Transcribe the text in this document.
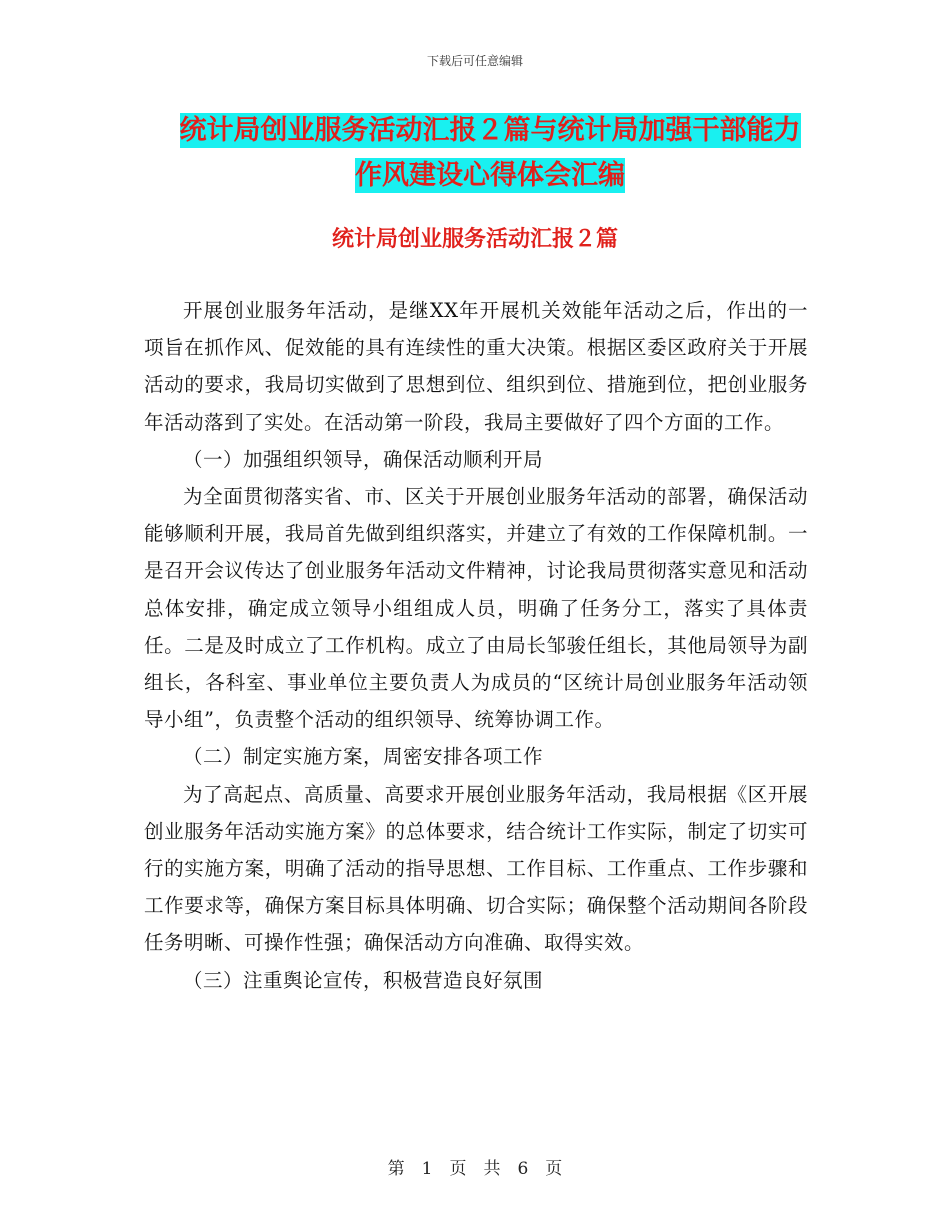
下载后可任意编辑
统计局创业服务活动汇报２篇与统计局加强干部能力
作风建设心得体会汇编
统计局创业服务活动汇报２篇

开展创业服务年活动，是继XX年开展机关效能年活动之后，作出的一项旨在抓作风、促效能的具有连续性的重大决策。根据区委区政府关于开展活动的要求，我局切实做到了思想到位、组织到位、措施到位，把创业服务年活动落到了实处。在活动第一阶段，我局主要做好了四个方面的工作。

（一）加强组织领导，确保活动顺利开局

为全面贯彻落实省、市、区关于开展创业服务年活动的部署，确保活动能够顺利开展，我局首先做到组织落实，并建立了有效的工作保障机制。一是召开会议传达了创业服务年活动文件精神，讨论我局贯彻落实意见和活动总体安排，确定成立领导小组组成人员，明确了任务分工，落实了具体责任。二是及时成立了工作机构。成立了由局长邹骏任组长，其他局领导为副组长，各科室、事业单位主要负责人为成员的“区统计局创业服务年活动领导小组”，负责整个活动的组织领导、统筹协调工作。

（二）制定实施方案，周密安排各项工作

为了高起点、高质量、高要求开展创业服务年活动，我局根据《区开展创业服务年活动实施方案》的总体要求，结合统计工作实际，制定了切实可行的实施方案，明确了活动的指导思想、工作目标、工作重点、工作步骤和工作要求等，确保方案目标具体明确、切合实际；确保整个活动期间各阶段任务明晰、可操作性强；确保活动方向准确、取得实效。

（三）注重舆论宣传，积极营造良好氛围

第　1　页　共　6　页
